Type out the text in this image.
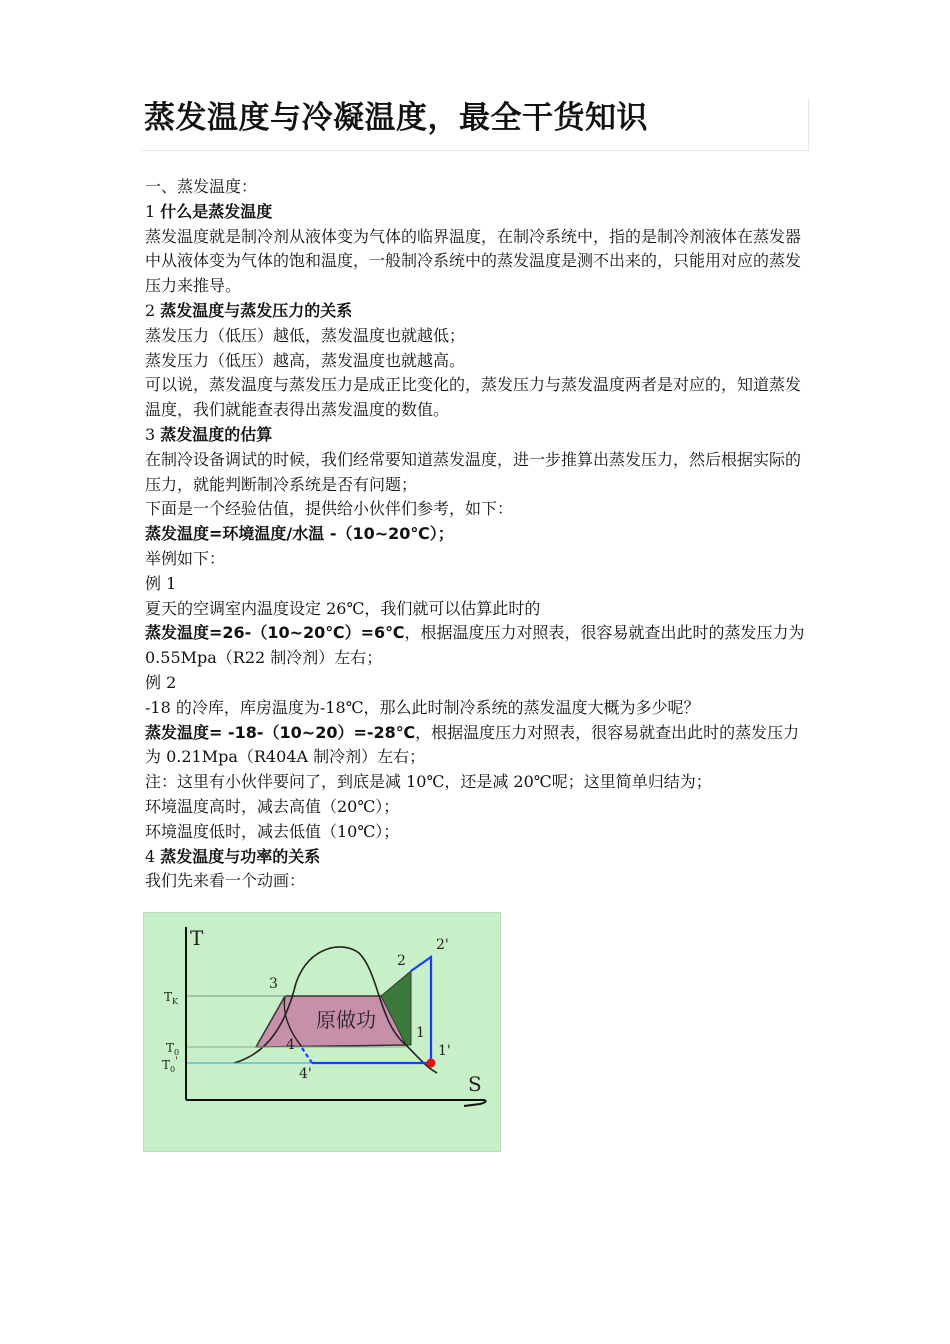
蒸发温度与冷凝温度，最全干货知识

一、蒸发温度：

1 什么是蒸发温度

蒸发温度就是制冷剂从液体变为气体的临界温度，在制冷系统中，指的是制冷剂液体在蒸发器中从液体变为气体的饱和温度，一般制冷系统中的蒸发温度是测不出来的，只能用对应的蒸发压力来推导。

2 蒸发温度与蒸发压力的关系

蒸发压力（低压）越低，蒸发温度也就越低；

蒸发压力（低压）越高，蒸发温度也就越高。

可以说，蒸发温度与蒸发压力是成正比变化的，蒸发压力与蒸发温度两者是对应的，知道蒸发温度，我们就能查表得出蒸发温度的数值。

3 蒸发温度的估算

在制冷设备调试的时候，我们经常要知道蒸发温度，进一步推算出蒸发压力，然后根据实际的压力，就能判断制冷系统是否有问题；

下面是一个经验估值，提供给小伙伴们参考，如下：

蒸发温度=环境温度/水温 -（10~20℃）；

举例如下：

例 1

夏天的空调室内温度设定 26℃，我们就可以估算此时的

蒸发温度=26-（10~20℃）=6℃，根据温度压力对照表，很容易就查出此时的蒸发压力为 0.55Mpa（R22 制冷剂）左右；

例 2

-18 的冷库，库房温度为-18℃，那么此时制冷系统的蒸发温度大概为多少呢？

蒸发温度= -18-（10~20）=-28℃，根据温度压力对照表，很容易就查出此时的蒸发压力为 0.21Mpa（R404A 制冷剂）左右；

注：这里有小伙伴要问了，到底是减 10℃，还是减 20℃呢；这里简单归结为；

环境温度高时，减去高值（20℃）；

环境温度低时，减去低值（10℃）；

4 蒸发温度与功率的关系

我们先来看一个动画：

T
S
$T_K$
$T_0$
$T_0'$
3
2
2'
1
1'
4
4'
原做功
